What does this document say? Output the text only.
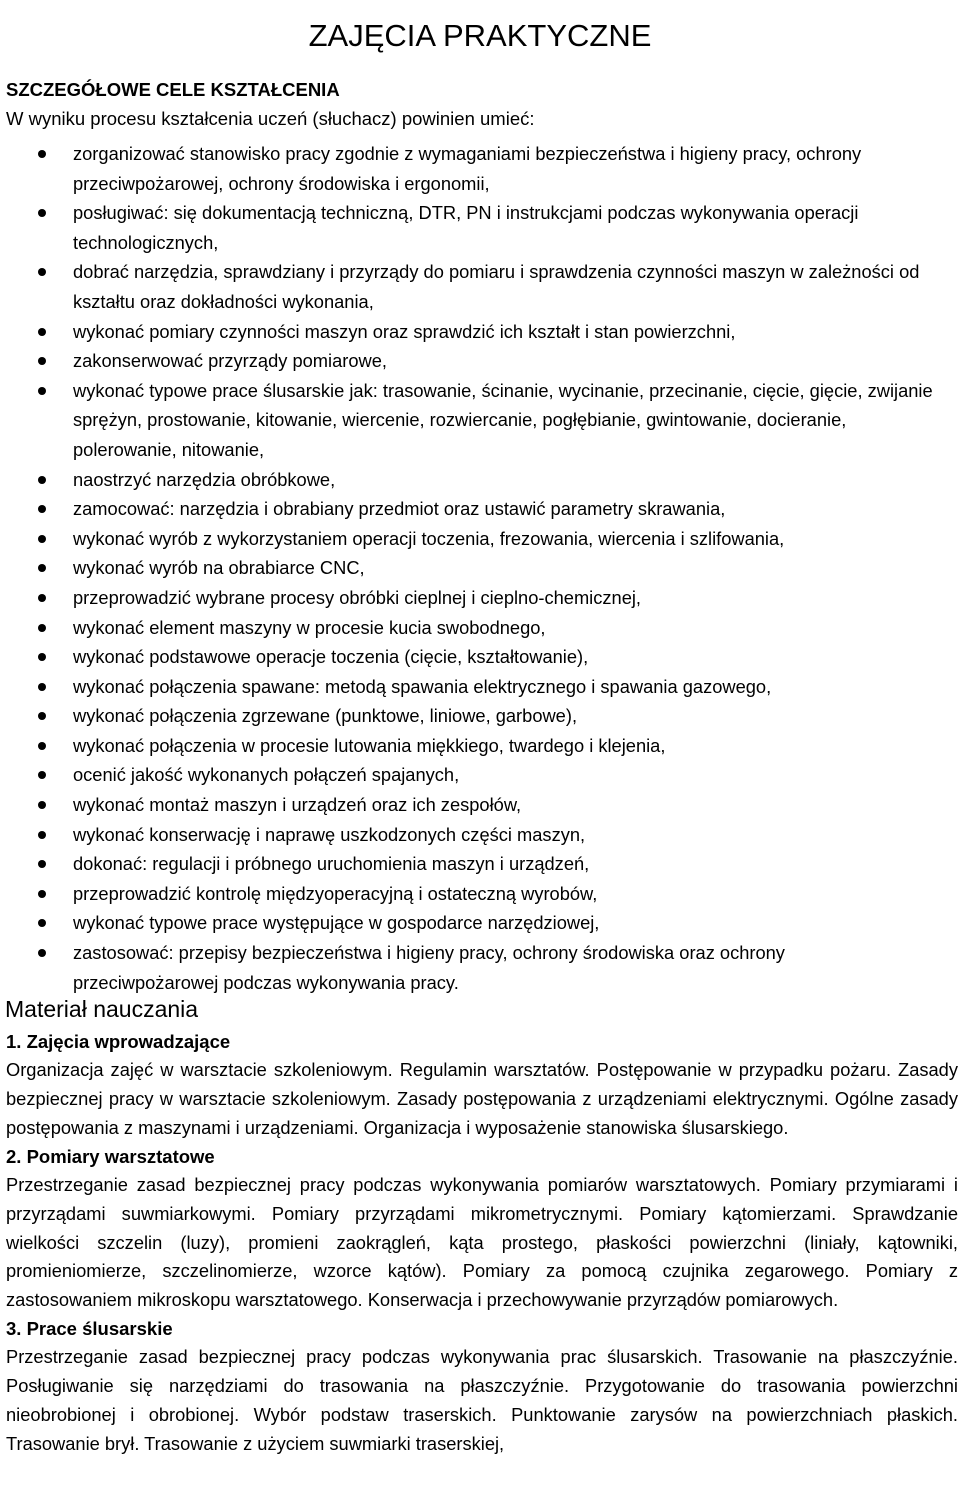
ZAJĘCIA PRAKTYCZNE
SZCZEGÓŁOWE CELE KSZTAŁCENIA
W wyniku procesu kształcenia uczeń (słuchacz) powinien umieć:
zorganizować stanowisko pracy zgodnie z wymaganiami bezpieczeństwa i higieny pracy, ochrony przeciwpożarowej, ochrony środowiska i ergonomii,
posługiwać: się dokumentacją techniczną, DTR, PN i instrukcjami podczas wykonywania operacji technologicznych,
dobrać narzędzia, sprawdziany i przyrządy do pomiaru i sprawdzenia czynności maszyn w zależności od kształtu oraz dokładności wykonania,
wykonać pomiary czynności maszyn oraz sprawdzić ich kształt i stan powierzchni,
zakonserwować przyrządy pomiarowe,
wykonać typowe prace ślusarskie jak: trasowanie, ścinanie, wycinanie, przecinanie, cięcie, gięcie, zwijanie sprężyn, prostowanie, kitowanie, wiercenie, rozwiercanie, pogłębianie, gwintowanie, docieranie, polerowanie, nitowanie,
naostrzyć narzędzia obróbkowe,
zamocować: narzędzia i obrabiany przedmiot oraz ustawić parametry skrawania,
wykonać wyrób z wykorzystaniem operacji toczenia, frezowania, wiercenia i szlifowania,
wykonać wyrób na obrabiarce CNC,
przeprowadzić wybrane procesy obróbki cieplnej i cieplno-chemicznej,
wykonać element maszyny w procesie kucia swobodnego,
wykonać podstawowe operacje toczenia (cięcie, kształtowanie),
wykonać połączenia spawane: metodą spawania elektrycznego i spawania gazowego,
wykonać połączenia zgrzewane (punktowe, liniowe, garbowe),
wykonać połączenia w procesie lutowania miękkiego, twardego i klejenia,
ocenić jakość wykonanych połączeń spajanych,
wykonać montaż maszyn i urządzeń oraz ich zespołów,
wykonać konserwację i naprawę uszkodzonych części maszyn,
dokonać: regulacji i próbnego uruchomienia maszyn i urządzeń,
przeprowadzić kontrolę międzyoperacyjną i ostateczną wyrobów,
wykonać typowe prace występujące w gospodarce narzędziowej,
zastosować: przepisy bezpieczeństwa i higieny pracy, ochrony środowiska oraz ochrony przeciwpożarowej podczas wykonywania pracy.
Materiał nauczania
1. Zajęcia wprowadzające

Organizacja zajęć w warsztacie szkoleniowym. Regulamin warsztatów. Postępowanie w przypadku pożaru. Zasady bezpiecznej pracy w warsztacie szkoleniowym. Zasady postępowania z urządzeniami elektrycznymi. Ogólne zasady postępowania z maszynami i urządzeniami. Organizacja i wyposażenie stanowiska ślusarskiego.

2. Pomiary warsztatowe

Przestrzeganie zasad bezpiecznej pracy podczas wykonywania pomiarów warsztatowych. Pomiary przymiarami i przyrządami suwmiarkowymi. Pomiary przyrządami mikrometrycznymi. Pomiary kątomierzami. Sprawdzanie wielkości szczelin (luzy), promieni zaokrągleń, kąta prostego, płaskości powierzchni (liniały, kątowniki, promieniomierze, szczelinomierze, wzorce kątów). Pomiary za pomocą czujnika zegarowego. Pomiary z zastosowaniem mikroskopu warsztatowego. Konserwacja i przechowywanie przyrządów pomiarowych.

3. Prace ślusarskie

Przestrzeganie zasad bezpiecznej pracy podczas wykonywania prac ślusarskich. Trasowanie na płaszczyźnie. Posługiwanie się narzędziami do trasowania na płaszczyźnie. Przygotowanie do trasowania powierzchni nieobrobionej i obrobionej. Wybór podstaw traserskich. Punktowanie zarysów na powierzchniach płaskich. Trasowanie brył. Trasowanie z użyciem suwmiarki traserskiej,
